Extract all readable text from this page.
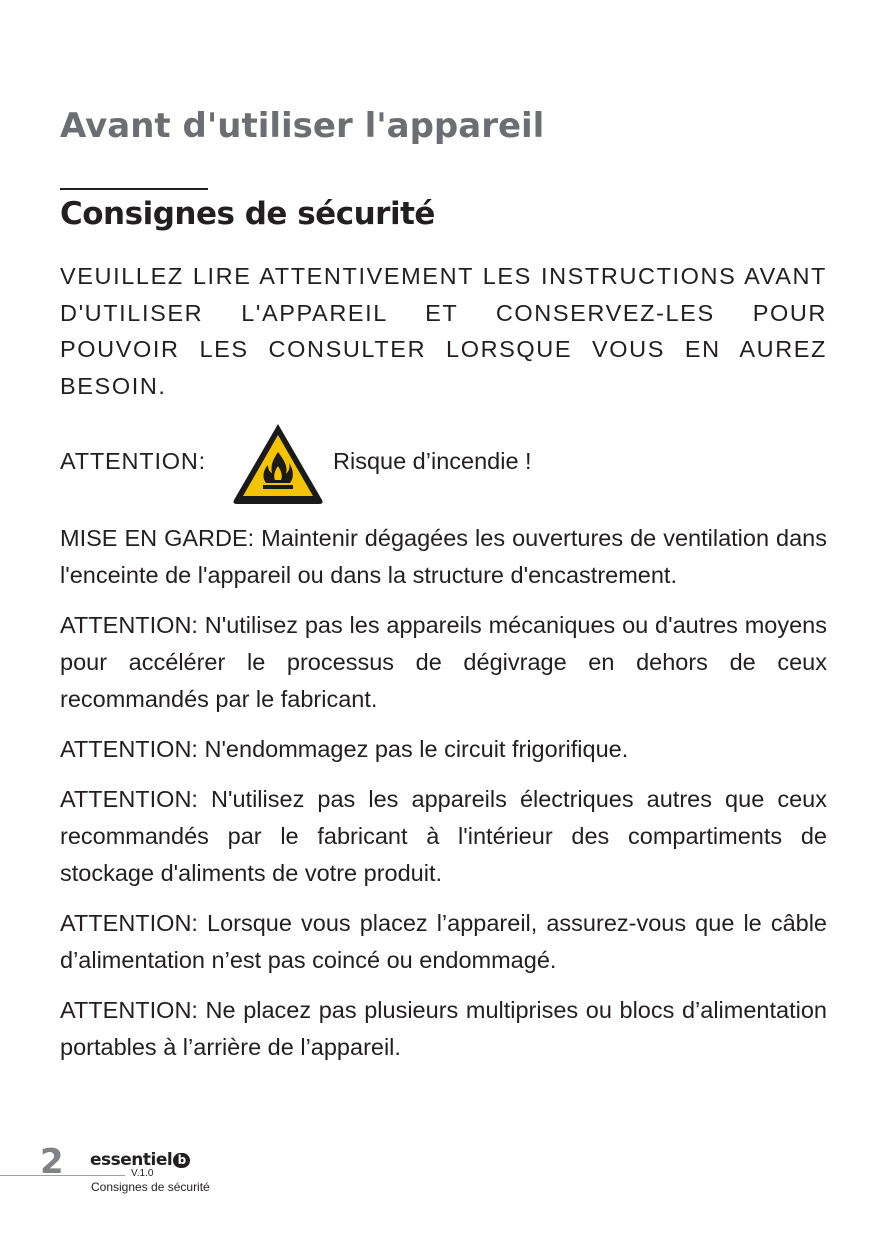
Avant d'utiliser l'appareil
Consignes de sécurité

VEUILLEZ LIRE ATTENTIVEMENT LES INSTRUCTIONS AVANT D'UTILISER L'APPAREIL ET CONSERVEZ-LES POUR POUVOIR LES CONSULTER LORSQUE VOUS EN AUREZ BESOIN.

ATTENTION:	Risque d’incendie !

MISE EN GARDE: Maintenir dégagées les ouvertures de ventilation dans l'enceinte de l'appareil ou dans la structure d'encastrement.

ATTENTION: N'utilisez pas les appareils mécaniques ou d'autres moyens pour accélérer le processus de dégivrage en dehors de ceux recommandés par le fabricant.

ATTENTION: N'endommagez pas le circuit frigorifique.

ATTENTION: N'utilisez pas les appareils électriques autres que ceux recommandés par le fabricant à l'intérieur des compartiments de stockage d'aliments de votre produit.

ATTENTION: Lorsque vous placez l’appareil, assurez-vous que le câble d’alimentation n’est pas coincé ou endommagé.

ATTENTION: Ne placez pas plusieurs multiprises ou blocs d’alimentation portables à l’arrière de l’appareil.

2 essentiel b
V.1.0
Consignes de sécurité
